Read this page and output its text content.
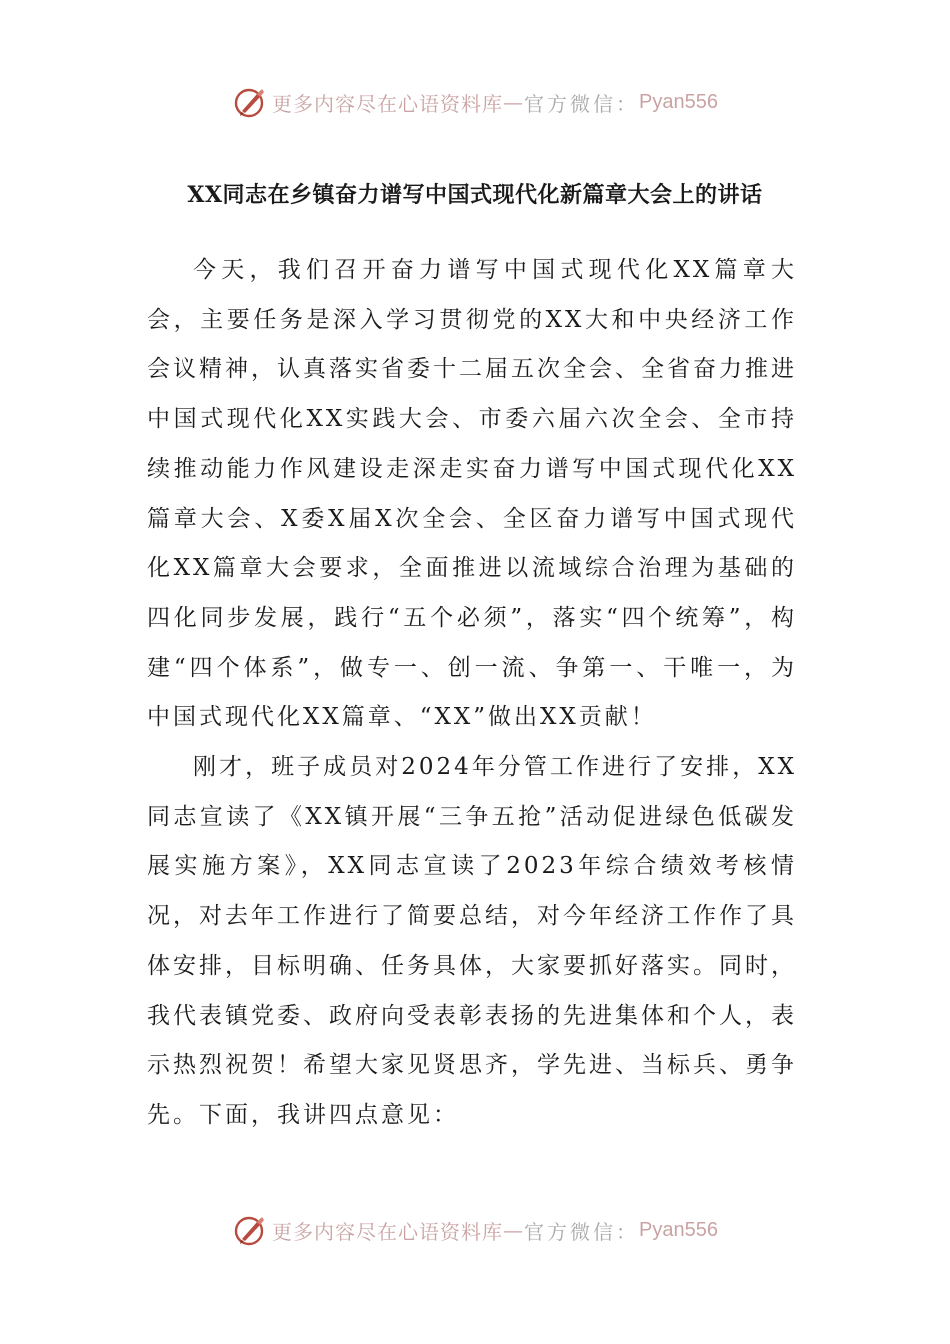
更多内容尽在心语资料库 — 官方微信： Pyan556
XX同志在乡镇奋力谱写中国式现代化新篇章大会上的讲话

今天，我们召开奋力谱写中国式现代化XX篇章大会，主要任务是深入学习贯彻党的XX大和中央经济工作会议精神，认真落实省委十二届五次全会、全省奋力推进中国式现代化XX实践大会、市委六届六次全会、全市持续推动能力作风建设走深走实奋力谱写中国式现代化XX篇章大会、X委X届X次全会、全区奋力谱写中国式现代化XX篇章大会要求，全面推进以流域综合治理为基础的四化同步发展，践行“五个必须”，落实“四个统筹”，构建“四个体系”，做专一、创一流、争第一、干唯一，为中国式现代化XX篇章、“XX”做出XX贡献！

刚才，班子成员对2024年分管工作进行了安排，XX同志宣读了《XX镇开展“三争五抢”活动促进绿色低碳发展实施方案》，XX同志宣读了2023年综合绩效考核情况，对去年工作进行了简要总结，对今年经济工作作了具体安排，目标明确、任务具体，大家要抓好落实。同时，我代表镇党委、政府向受表彰表扬的先进集体和个人，表示热烈祝贺！希望大家见贤思齐，学先进、当标兵、勇争先。下面，我讲四点意见：

更多内容尽在心语资料库 — 官方微信： Pyan556
